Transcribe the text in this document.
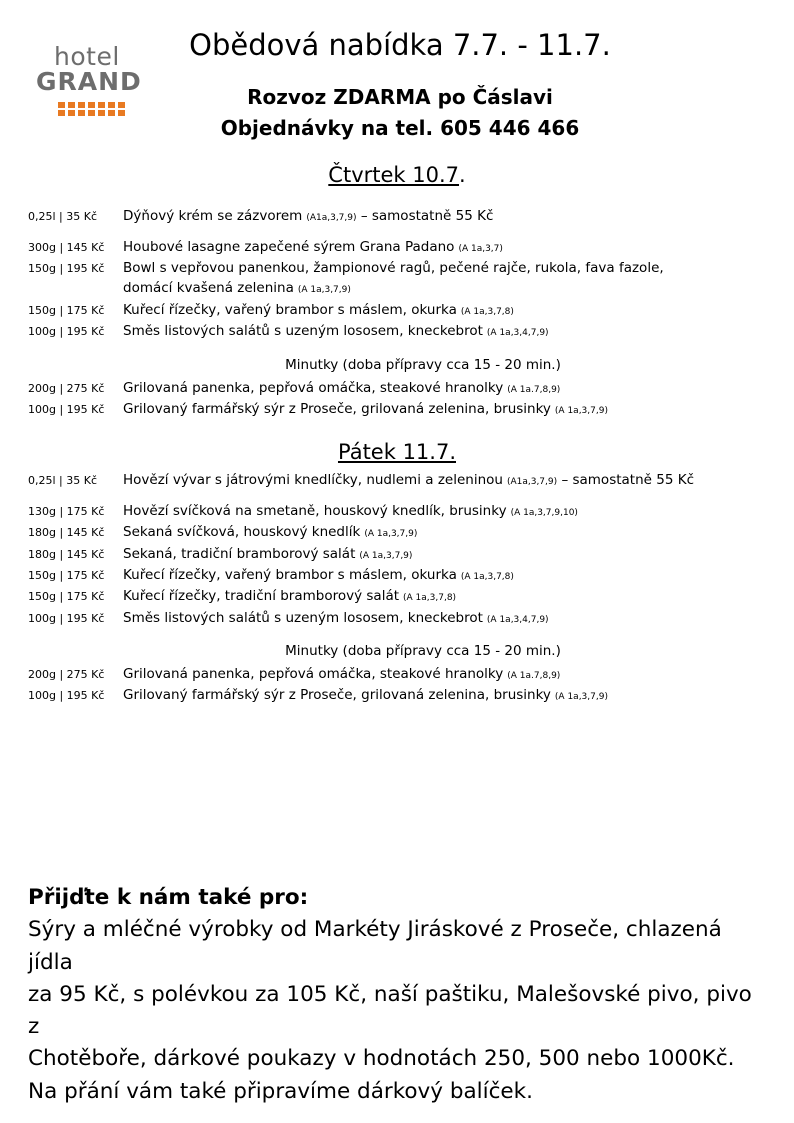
hotel
GRAND
Obědová nabídka 7.7. - 11.7.
Rozvoz ZDARMA po Čáslavi
Objednávky na tel. 605 446 466
Čtvrtek 10.7.
0,25l | 35 Kč	Dýňový krém se zázvorem (A1a,3,7,9) – samostatně 55 Kč
300g | 145 Kč	Houbové lasagne zapečené sýrem Grana Padano (A 1a,3,7)
150g | 195 Kč	Bowl s vepřovou panenkou, žampionové ragů, pečené rajče, rukola, fava fazole,
domácí kvašená zelenina (A 1a,3,7,9)
150g | 175 Kč	Kuřecí řízečky, vařený brambor s máslem, okurka (A 1a,3,7,8)
100g | 195 Kč	Směs listových salátů s uzeným lososem, kneckebrot (A 1a,3,4,7,9)
Minutky (doba přípravy cca 15 - 20 min.)
200g | 275 Kč	Grilovaná panenka, pepřová omáčka, steakové hranolky (A 1a.7,8,9)
100g | 195 Kč	Grilovaný farmářský sýr z Proseče, grilovaná zelenina, brusinky (A 1a,3,7,9)
Pátek 11.7.
0,25l | 35 Kč	Hovězí vývar s játrovými knedlíčky, nudlemi a zeleninou (A1a,3,7,9) – samostatně 55 Kč
130g | 175 Kč	Hovězí svíčková na smetaně, houskový knedlík, brusinky (A 1a,3,7,9,10)
180g | 145 Kč	Sekaná svíčková, houskový knedlík (A 1a,3,7,9)
180g | 145 Kč	Sekaná, tradiční bramborový salát (A 1a,3,7,9)
150g | 175 Kč	Kuřecí řízečky, vařený brambor s máslem, okurka (A 1a,3,7,8)
150g | 175 Kč	Kuřecí řízečky, tradiční bramborový salát (A 1a,3,7,8)
100g | 195 Kč	Směs listových salátů s uzeným lososem, kneckebrot (A 1a,3,4,7,9)
Minutky (doba přípravy cca 15 - 20 min.)
200g | 275 Kč	Grilovaná panenka, pepřová omáčka, steakové hranolky (A 1a.7,8,9)
100g | 195 Kč	Grilovaný farmářský sýr z Proseče, grilovaná zelenina, brusinky (A 1a,3,7,9)
Přijďte k nám také pro:
Sýry a mléčné výrobky od Markéty Jiráskové z Proseče, chlazená jídla
za 95 Kč, s polévkou za 105 Kč, naší paštiku, Malešovské pivo, pivo z
Chotěboře, dárkové poukazy v hodnotách 250, 500 nebo 1000Kč.
Na přání vám také připravíme dárkový balíček.
